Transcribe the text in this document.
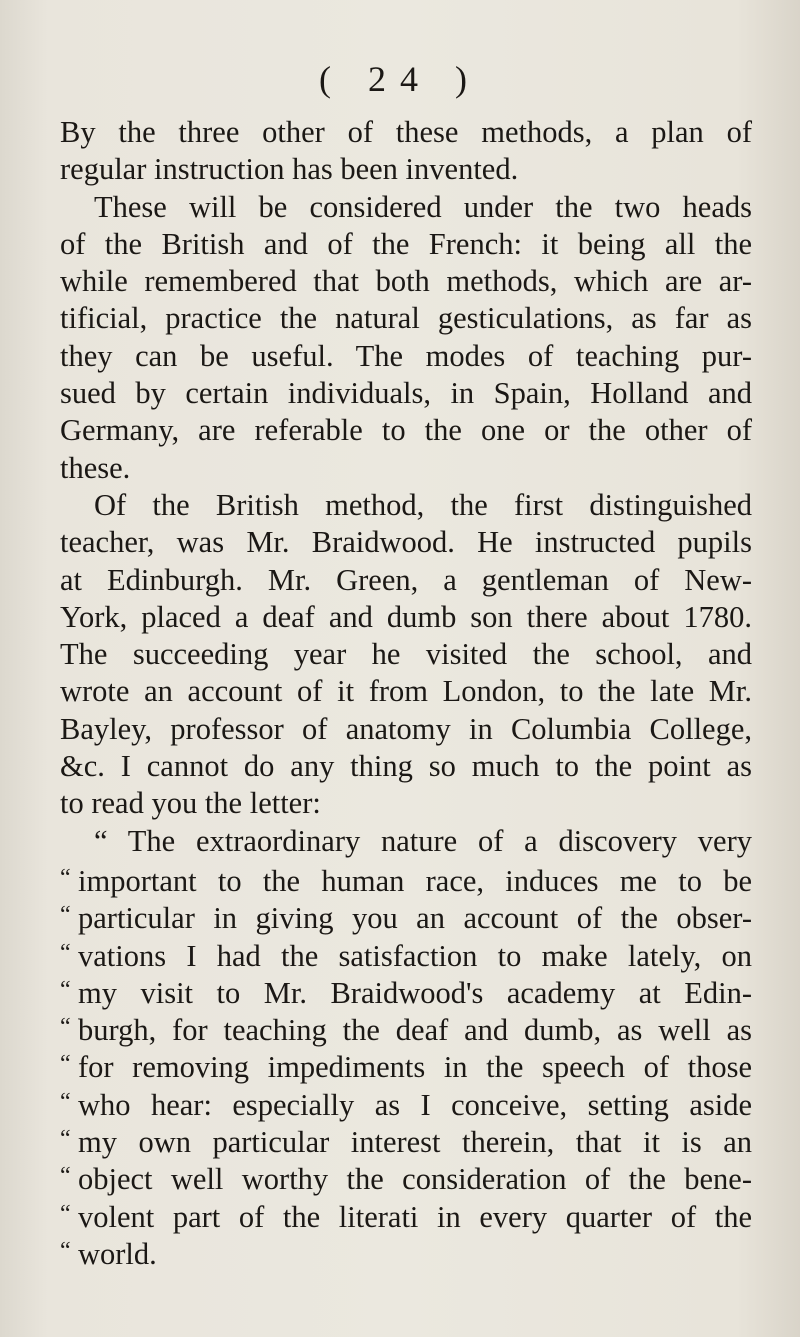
( 24 )
By the three other of these methods, a plan of
regular instruction has been invented.
These will be considered under the two heads
of the British and of the French: it being all the
while remembered that both methods, which are ar-
tificial, practice the natural gesticulations, as far as
they can be useful. The modes of teaching pur-
sued by certain individuals, in Spain, Holland and
Germany, are referable to the one or the other of
these.
Of the British method, the first distinguished
teacher, was Mr. Braidwood. He instructed pupils
at Edinburgh. Mr. Green, a gentleman of New-
York, placed a deaf and dumb son there about 1780.
The succeeding year he visited the school, and
wrote an account of it from London, to the late Mr.
Bayley, professor of anatomy in Columbia College,
&c. I cannot do any thing so much to the point as
to read you the letter:
“ The extraordinary nature of a discovery very
“ important to the human race, induces me to be
“ particular in giving you an account of the obser-
“ vations I had the satisfaction to make lately, on
“ my visit to Mr. Braidwood's academy at Edin-
“ burgh, for teaching the deaf and dumb, as well as
“ for removing impediments in the speech of those
“ who hear: especially as I conceive, setting aside
“ my own particular interest therein, that it is an
“ object well worthy the consideration of the bene-
“ volent part of the literati in every quarter of the
“ world.
